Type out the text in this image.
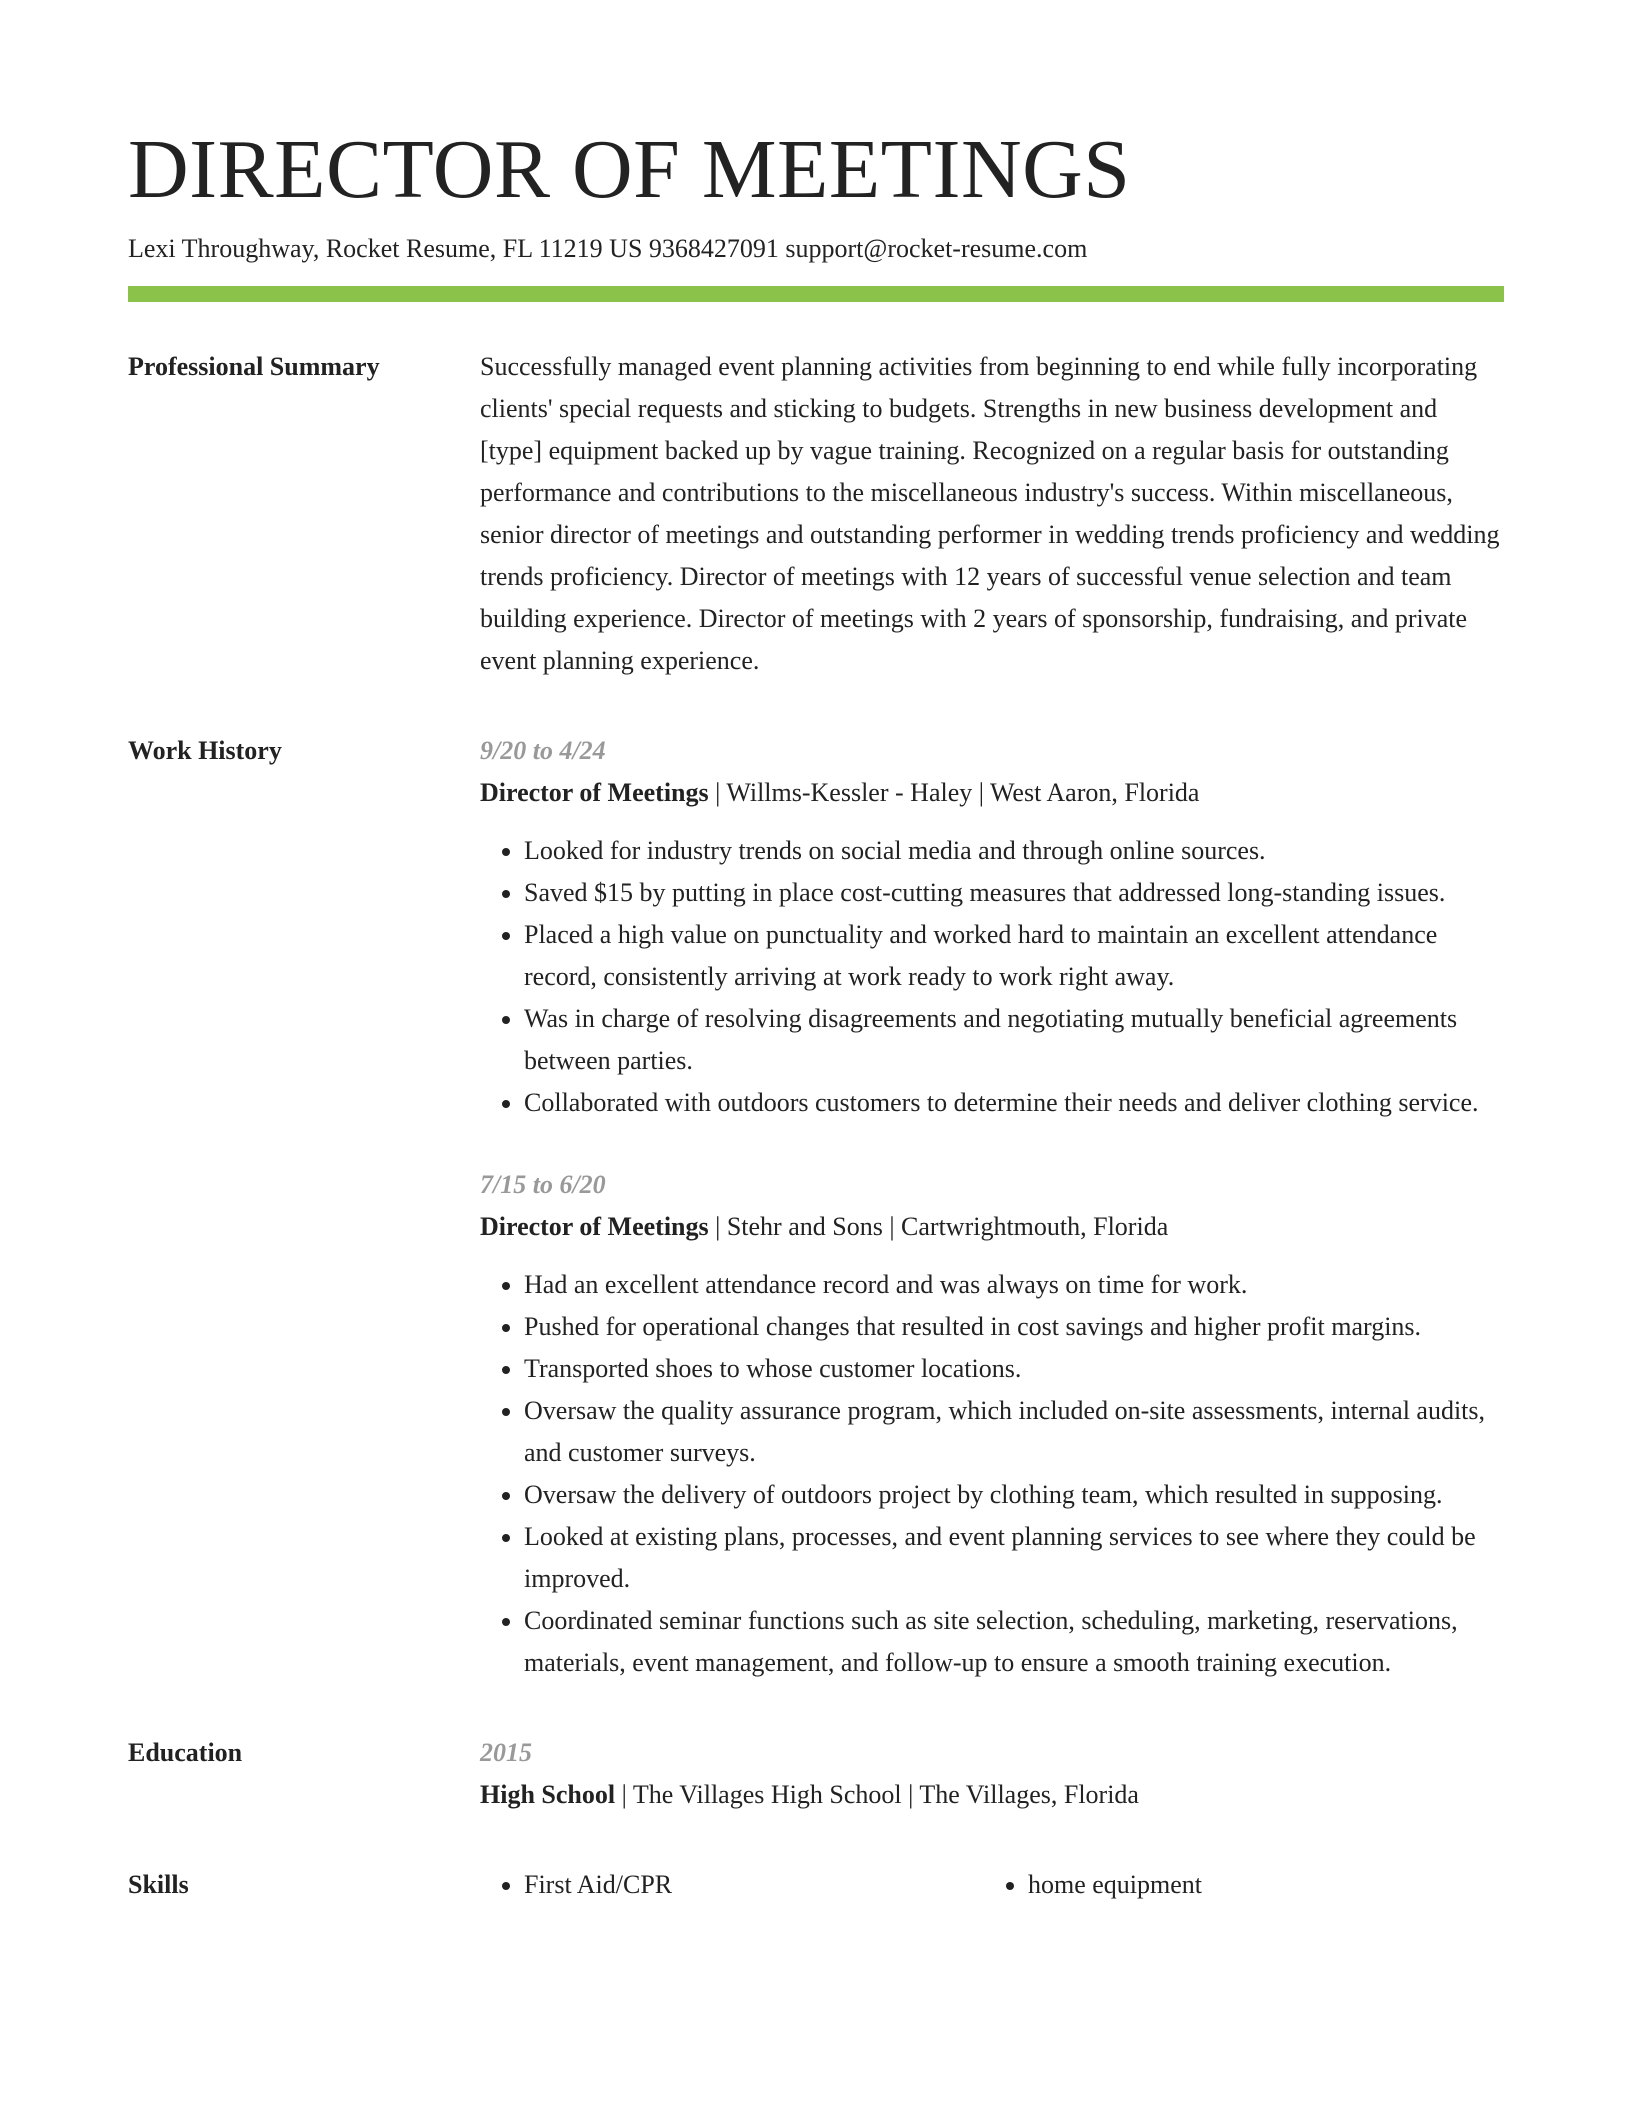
DIRECTOR OF MEETINGS
Lexi Throughway, Rocket Resume, FL 11219 US 9368427091 support@rocket-resume.com
Professional Summary	Successfully managed event planning activities from beginning to end while fully incorporating clients' special requests and sticking to budgets. Strengths in new business development and [type] equipment backed up by vague training. Recognized on a regular basis for outstanding performance and contributions to the miscellaneous industry's success. Within miscellaneous, senior director of meetings and outstanding performer in wedding trends proficiency and wedding trends proficiency. Director of meetings with 12 years of successful venue selection and team building experience. Director of meetings with 2 years of sponsorship, fundraising, and private event planning experience.

Work History	9/20 to 4/24
Director of Meetings | Willms-Kessler - Haley | West Aaron, Florida
• Looked for industry trends on social media and through online sources.
• Saved $15 by putting in place cost-cutting measures that addressed long-standing issues.
• Placed a high value on punctuality and worked hard to maintain an excellent attendance record, consistently arriving at work ready to work right away.
• Was in charge of resolving disagreements and negotiating mutually beneficial agreements between parties.
• Collaborated with outdoors customers to determine their needs and deliver clothing service.
7/15 to 6/20
Director of Meetings | Stehr and Sons | Cartwrightmouth, Florida
• Had an excellent attendance record and was always on time for work.
• Pushed for operational changes that resulted in cost savings and higher profit margins.
• Transported shoes to whose customer locations.
• Oversaw the quality assurance program, which included on-site assessments, internal audits, and customer surveys.
• Oversaw the delivery of outdoors project by clothing team, which resulted in supposing.
• Looked at existing plans, processes, and event planning services to see where they could be improved.
• Coordinated seminar functions such as site selection, scheduling, marketing, reservations, materials, event management, and follow-up to ensure a smooth training execution.
Education	2015
High School | The Villages High School | The Villages, Florida
Skills	• First Aid/CPR	• home equipment
